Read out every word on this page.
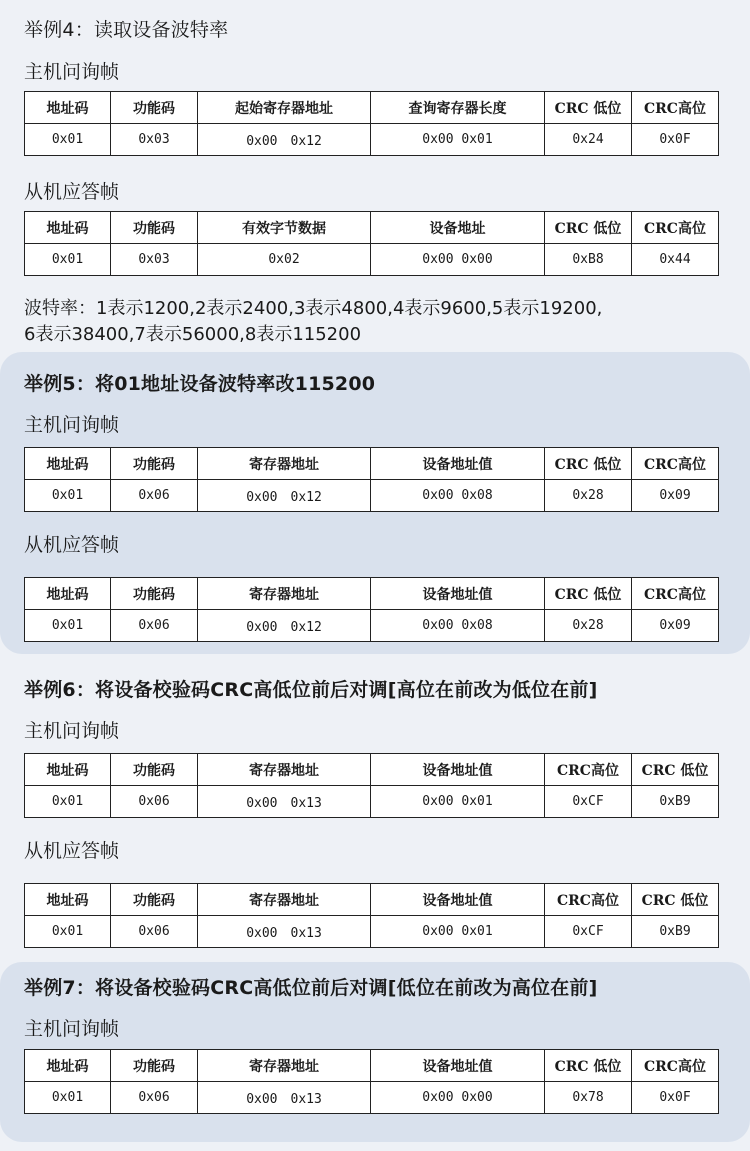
举例4：读取设备波特率
主机问询帧
地址码	功能码	起始寄存器地址	查询寄存器长度	CRC 低位	CRC高位
0x01	0x03	0x00　0x12	0x00 0x01	0x24	0x0F
从机应答帧
地址码	功能码	有效字节数据	设备地址	CRC 低位	CRC高位
0x01	0x03	0x02	0x00 0x00	0xB8	0x44
波特率：1表示1200,2表示2400,3表示4800,4表示9600,5表示19200,
6表示38400,7表示56000,8表示115200
举例5：将01地址设备波特率改115200
主机问询帧
地址码	功能码	寄存器地址	设备地址值	CRC 低位	CRC高位
0x01	0x06	0x00　0x12	0x00 0x08	0x28	0x09
从机应答帧
地址码	功能码	寄存器地址	设备地址值	CRC 低位	CRC高位
0x01	0x06	0x00　0x12	0x00 0x08	0x28	0x09
举例6：将设备校验码CRC高低位前后对调[高位在前改为低位在前]
主机问询帧
地址码	功能码	寄存器地址	设备地址值	CRC高位	CRC 低位
0x01	0x06	0x00　0x13	0x00 0x01	0xCF	0xB9
从机应答帧
地址码	功能码	寄存器地址	设备地址值	CRC高位	CRC 低位
0x01	0x06	0x00　0x13	0x00 0x01	0xCF	0xB9
举例7：将设备校验码CRC高低位前后对调[低位在前改为高位在前]
主机问询帧
地址码	功能码	寄存器地址	设备地址值	CRC 低位	CRC高位
0x01	0x06	0x00　0x13	0x00 0x00	0x78	0x0F
